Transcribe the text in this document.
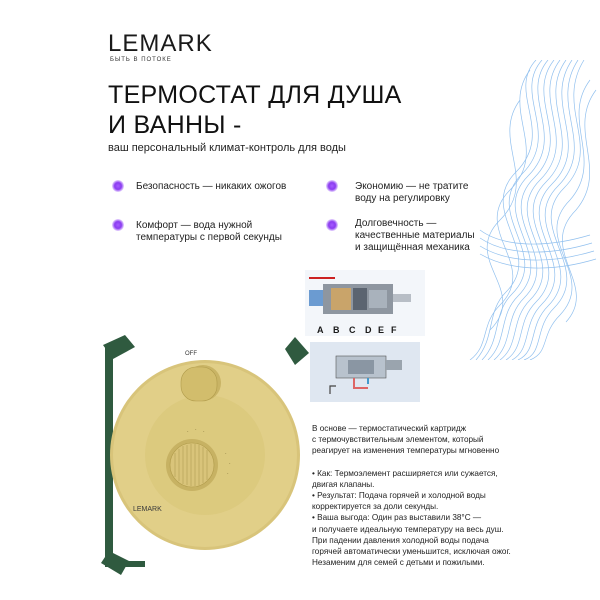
LEMARK
БЫТЬ В ПОТОКЕ
ТЕРМОСТАТ ДЛЯ ДУША
И ВАННЫ -
ваш персональный климат-контроль для воды
Безопасность — никаких ожогов	Экономию — не тратите
воду на регулировку
Комфорт — вода нужной
температуры с первой секунды
Долговечность —
качественные материалы
и защищённая механика
A B C D E F
·
·
·
· · ·
OFF
LEMARK

В основе — термостатический картридж

с термочувствительным элементом, который

реагирует на изменения температуры мгновенно

• Как: Термоэлемент расширяется или сужается,

двигая клапаны.

• Результат: Подача горячей и холодной воды

корректируется за доли секунды.

• Ваша выгода: Один раз выставили 38°C —

и получаете идеальную температуру на весь душ.

При падении давления холодной воды подача

горячей автоматически уменьшится, исключая ожог.

Незаменим для семей с детьми и пожилыми.
